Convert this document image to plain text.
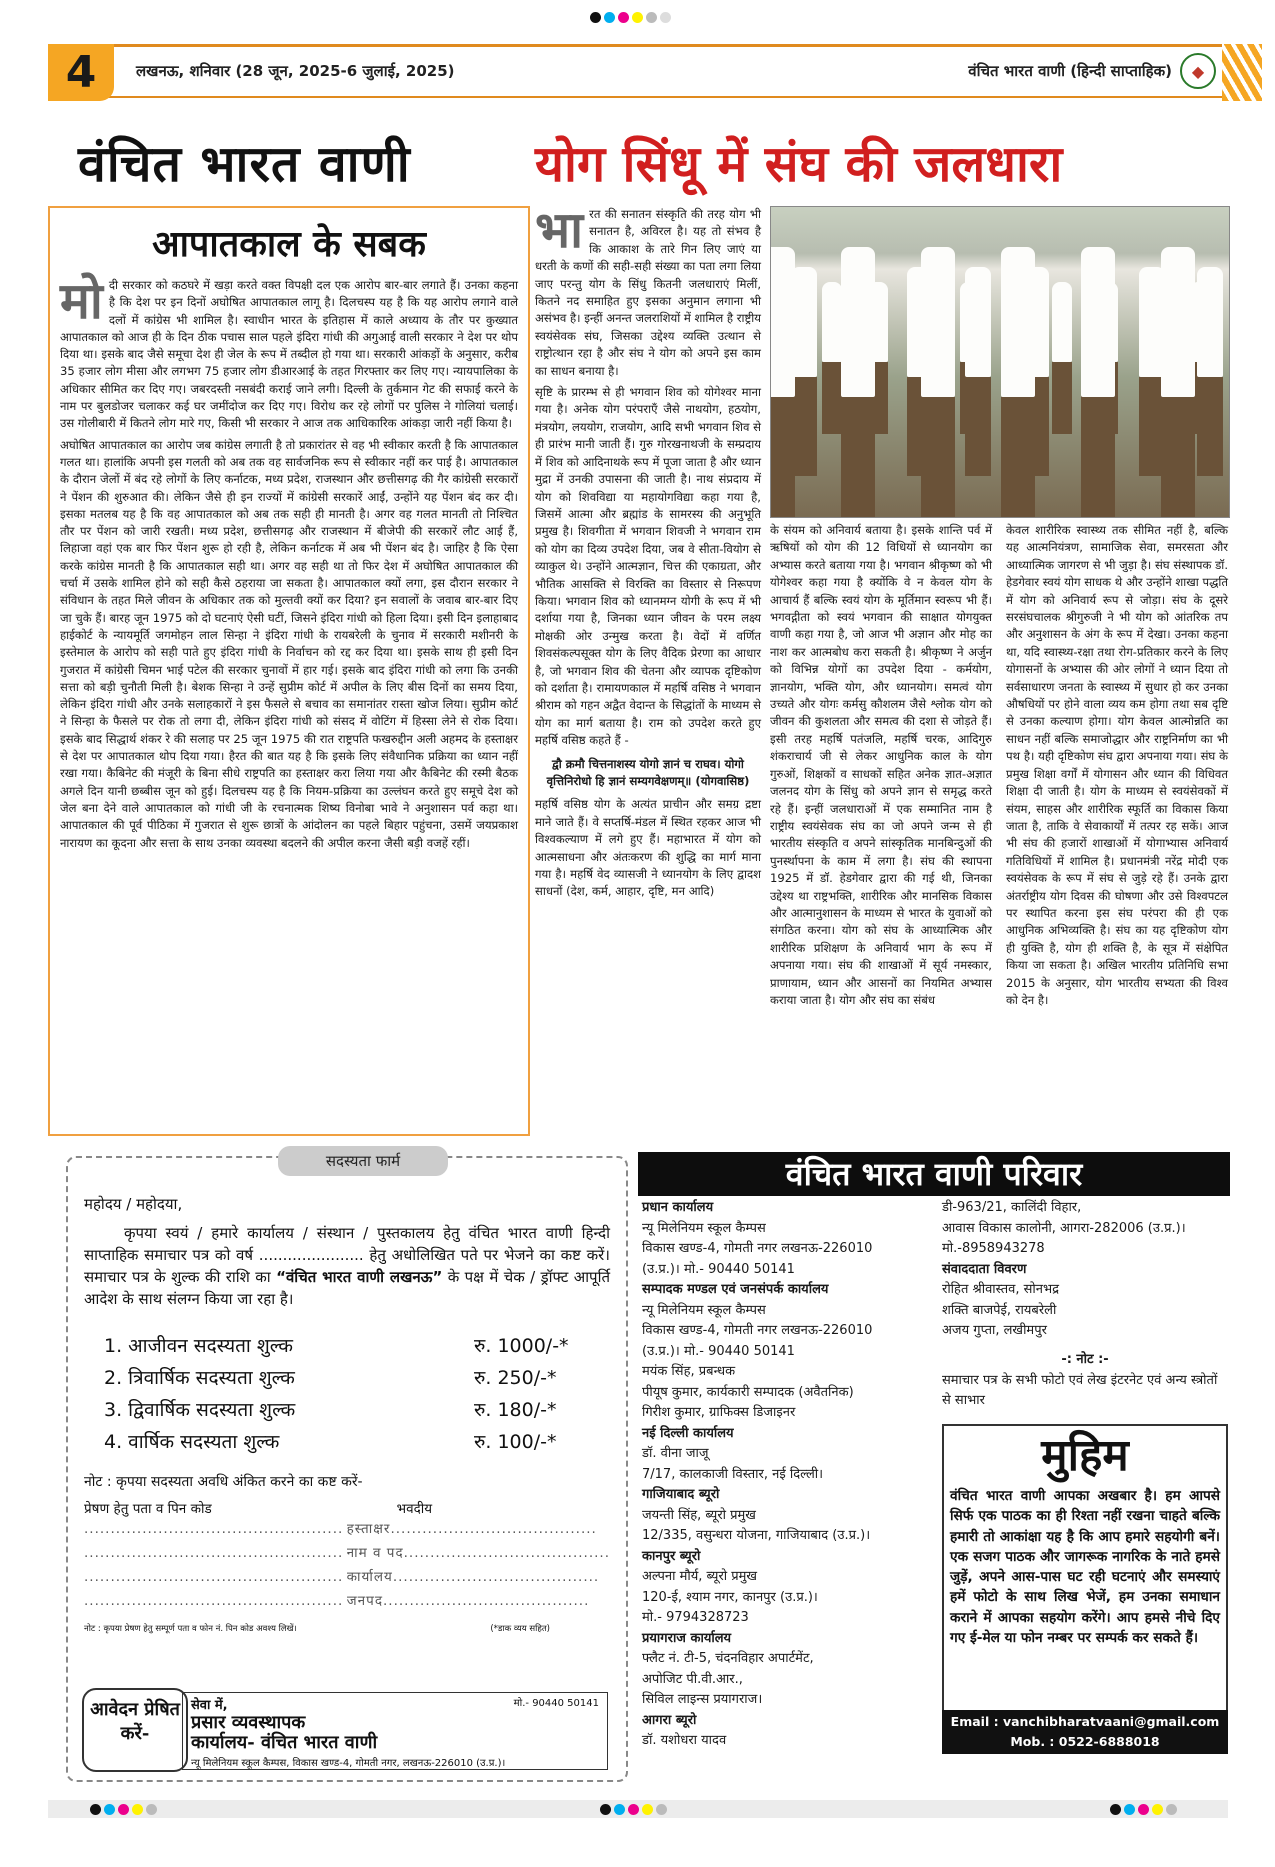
4	लखनऊ, शनिवार (28 जून, 2025-6 जुलाई, 2025)	वंचित भारत वाणी (हिन्दी साप्ताहिक)	◆
वंचित भारत वाणी योग सिंधू में संघ की जलधारा
आपातकाल के सबक
मो दी सरकार को कठघरे में खड़ा करते वक्त विपक्षी दल एक आरोप बार-बार लगाते हैं। उनका कहना है कि देश पर इन दिनों अघोषित आपातकाल लागू है। दिलचस्प यह है कि यह आरोप लगाने वाले दलों में कांग्रेस भी शामिल है। स्वाधीन भारत के इतिहास में काले अध्याय के तौर पर कुख्यात आपातकाल को आज ही के दिन ठीक पचास साल पहले इंदिरा गांधी की अगुआई वाली सरकार ने देश पर थोप दिया था। इसके बाद जैसे समूचा देश ही जेल के रूप में तब्दील हो गया था। सरकारी आंकड़ों के अनुसार, करीब 35 हजार लोग मीसा और लगभग 75 हजार लोग डीआरआई के तहत गिरफ्तार कर लिए गए। न्यायपालिका के अधिकार सीमित कर दिए गए। जबरदस्ती नसबंदी कराई जाने लगी। दिल्ली के तुर्कमान गेट की सफाई करने के नाम पर बुलडोजर चलाकर कई घर जमींदोज कर दिए गए। विरोध कर रहे लोगों पर पुलिस ने गोलियां चलाई। उस गोलीबारी में कितने लोग मारे गए, किसी भी सरकार ने आज तक आधिकारिक आंकड़ा जारी नहीं किया है।
अघोषित आपातकाल का आरोप जब कांग्रेस लगाती है तो प्रकारांतर से वह भी स्वीकार करती है कि आपातकाल गलत था। हालांकि अपनी इस गलती को अब तक वह सार्वजनिक रूप से स्वीकार नहीं कर पाई है। आपातकाल के दौरान जेलों में बंद रहे लोगों के लिए कर्नाटक, मध्य प्रदेश, राजस्थान और छत्तीसगढ़ की गैर कांग्रेसी सरकारों ने पेंशन की शुरुआत की। लेकिन जैसे ही इन राज्यों में कांग्रेसी सरकारें आईं, उन्होंने यह पेंशन बंद कर दी। इसका मतलब यह है कि वह आपातकाल को अब तक सही ही मानती है। अगर वह गलत मानती तो निश्चित तौर पर पेंशन को जारी रखती। मध्य प्रदेश, छत्तीसगढ़ और राजस्थान में बीजेपी की सरकारें लौट आई हैं, लिहाजा वहां एक बार फिर पेंशन शुरू हो रही है, लेकिन कर्नाटक में अब भी पेंशन बंद है। जाहिर है कि ऐसा करके कांग्रेस मानती है कि आपातकाल सही था। अगर वह सही था तो फिर देश में अघोषित आपातकाल की चर्चा में उसके शामिल होने को सही कैसे ठहराया जा सकता है। आपातकाल क्यों लगा, इस दौरान सरकार ने संविधान के तहत मिले जीवन के अधिकार तक को मुल्तवी क्यों कर दिया? इन सवालों के जवाब बार-बार दिए जा चुके हैं। बारह जून 1975 को दो घटनाएं ऐसी घटीं, जिसने इंदिरा गांधी को हिला दिया। इसी दिन इलाहाबाद हाईकोर्ट के न्यायमूर्ति जगमोहन लाल सिन्हा ने इंदिरा गांधी के रायबरेली के चुनाव में सरकारी मशीनरी के इस्तेमाल के आरोप को सही पाते हुए इंदिरा गांधी के निर्वाचन को रद्द कर दिया था। इसके साथ ही इसी दिन गुजरात में कांग्रेसी चिमन भाई पटेल की सरकार चुनावों में हार गई। इसके बाद इंदिरा गांधी को लगा कि उनकी सत्ता को बड़ी चुनौती मिली है। बेशक सिन्हा ने उन्हें सुप्रीम कोर्ट में अपील के लिए बीस दिनों का समय दिया, लेकिन इंदिरा गांधी और उनके सलाहकारों ने इस फैसले से बचाव का समानांतर रास्ता खोज लिया। सुप्रीम कोर्ट ने सिन्हा के फैसले पर रोक तो लगा दी, लेकिन इंदिरा गांधी को संसद में वोटिंग में हिस्सा लेने से रोक दिया। इसके बाद सिद्धार्थ शंकर रे की सलाह पर 25 जून 1975 की रात राष्ट्रपति फखरुद्दीन अली अहमद के हस्ताक्षर से देश पर आपातकाल थोप दिया गया। हैरत की बात यह है कि इसके लिए संवैधानिक प्रक्रिया का ध्यान नहीं रखा गया। कैबिनेट की मंजूरी के बिना सीधे राष्ट्रपति का हस्ताक्षर करा लिया गया और कैबिनेट की रस्मी बैठक अगले दिन यानी छब्बीस जून को हुई। दिलचस्प यह है कि नियम-प्रक्रिया का उल्लंघन करते हुए समूचे देश को जेल बना देने वाले आपातकाल को गांधी जी के रचनात्मक शिष्य विनोबा भावे ने अनुशासन पर्व कहा था। आपातकाल की पूर्व पीठिका में गुजरात से शुरू छात्रों के आंदोलन का पहले बिहार पहुंचना, उसमें जयप्रकाश नारायण का कूदना और सत्ता के साथ उनका व्यवस्था बदलने की अपील करना जैसी बड़ी वजहें रहीं।

भारत की सनातन संस्कृति की तरह योग भी सनातन है, अविरल है। यह तो संभव है कि आकाश के तारे गिन लिए जाएं या धरती के कणों की सही-सही संख्या का पता लगा लिया जाए परन्तु योग के सिंधु कितनी जलधाराएं मिलीं, कितने नद समाहित हुए इसका अनुमान लगाना भी असंभव है। इन्हीं अनन्त जलराशियों में शामिल है राष्ट्रीय स्वयंसेवक संघ, जिसका उद्देश्य व्यक्ति उत्थान से राष्ट्रोत्थान रहा है और संघ ने योग को अपने इस काम का साधन बनाया है।

सृष्टि के प्रारम्भ से ही भगवान शिव को योगेश्वर माना गया है। अनेक योग परंपराएँ जैसे नाथयोग, हठयोग, मंत्रयोग, लययोग, राजयोग, आदि सभी भगवान शिव से ही प्रारंभ मानी जाती हैं। गुरु गोरखनाथजी के सम्प्रदाय में शिव को आदिनाथके रूप में पूजा जाता है और ध्यान मुद्रा में उनकी उपासना की जाती है। नाथ संप्रदाय में योग को शिवविद्या या महायोगविद्या कहा गया है, जिसमें आत्मा और ब्रह्मांड के सामरस्य की अनुभूति प्रमुख है। शिवगीता में भगवान शिवजी ने भगवान राम को योग का दिव्य उपदेश दिया, जब वे सीता-वियोग से व्याकुल थे। उन्होंने आत्मज्ञान, चित्त की एकाग्रता, और भौतिक आसक्ति से विरक्ति का विस्तार से निरूपण किया। भगवान शिव को ध्यानमग्न योगी के रूप में भी दर्शाया गया है, जिनका ध्यान जीवन के परम लक्ष्य मोक्षकी ओर उन्मुख करता है। वेदों में वर्णित शिवसंकल्पसूक्त योग के लिए वैदिक प्रेरणा का आधार है, जो भगवान शिव की चेतना और व्यापक दृष्टिकोण को दर्शाता है। रामायणकाल में महर्षि वसिष्ठ ने भगवान श्रीराम को गहन अद्वैत वेदान्त के सिद्धांतों के माध्यम से योग का मार्ग बताया है। राम को उपदेश करते हुए महर्षि वसिष्ठ कहते हैं -

द्वौ क्रमौ चित्तनाशस्य योगो ज्ञानं च राघव। योगो वृत्तिनिरोधो हि ज्ञानं सम्यगवेक्षणम्॥ (योगवासिष्ठ)

महर्षि वसिष्ठ योग के अत्यंत प्राचीन और समग्र द्रष्टा माने जाते हैं। वे सप्तर्षि-मंडल में स्थित रहकर आज भी विश्वकल्याण में लगे हुए हैं। महाभारत में योग को आत्मसाधना और अंतःकरण की शुद्धि का मार्ग माना गया है। महर्षि वेद व्यासजी ने ध्यानयोग के लिए द्वादश साधनों (देश, कर्म, आहार, दृष्टि, मन आदि)

के संयम को अनिवार्य बताया है। इसके शान्ति पर्व में ऋषियों को योग की 12 विधियों से ध्यानयोग का अभ्यास करते बताया गया है। भगवान श्रीकृष्ण को भी योगेश्वर कहा गया है क्योंकि वे न केवल योग के आचार्य हैं बल्कि स्वयं योग के मूर्तिमान स्वरूप भी हैं। भगवद्गीता को स्वयं भगवान की साक्षात योगयुक्त वाणी कहा गया है, जो आज भी अज्ञान और मोह का नाश कर आत्मबोध करा सकती है। श्रीकृष्ण ने अर्जुन को विभिन्न योगों का उपदेश दिया - कर्मयोग, ज्ञानयोग, भक्ति योग, और ध्यानयोग। समत्वं योग उच्यते और योगः कर्मसु कौशलम जैसे श्लोक योग को जीवन की कुशलता और समत्व की दशा से जोड़ते हैं। इसी तरह महर्षि पतंजलि, महर्षि चरक, आदिगुरु शंकराचार्य जी से लेकर आधुनिक काल के योग गुरुओं, शिक्षकों व साधकों सहित अनेक ज्ञात-अज्ञात जलनद योग के सिंधु को अपने ज्ञान से समृद्ध करते रहे हैं। इन्हीं जलधाराओं में एक सम्मानित नाम है राष्ट्रीय स्वयंसेवक संघ का जो अपने जन्म से ही भारतीय संस्कृति व अपने सांस्कृतिक मानबिन्दुओं की पुनर्स्थापना के काम में लगा है। संघ की स्थापना 1925 में डॉ. हेडगेवार द्वारा की गई थी, जिनका उद्देश्य था राष्ट्रभक्ति, शारीरिक और मानसिक विकास और आत्मानुशासन के माध्यम से भारत के युवाओं को संगठित करना। योग को संघ के आध्यात्मिक और शारीरिक प्रशिक्षण के अनिवार्य भाग के रूप में अपनाया गया। संघ की शाखाओं में सूर्य नमस्कार, प्राणायाम, ध्यान और आसनों का नियमित अभ्यास कराया जाता है। योग और संघ का संबंध
केवल शारीरिक स्वास्थ्य तक सीमित नहीं है, बल्कि यह आत्मनियंत्रण, सामाजिक सेवा, समरसता और आध्यात्मिक जागरण से भी जुड़ा है। संघ संस्थापक डॉ. हेडगेवार स्वयं योग साधक थे और उन्होंने शाखा पद्धति में योग को अनिवार्य रूप से जोड़ा। संघ के दूसरे सरसंघचालक श्रीगुरुजी ने भी योग को आंतरिक तप और अनुशासन के अंग के रूप में देखा। उनका कहना था, यदि स्वास्थ्य-रक्षा तथा रोग-प्रतिकार करने के लिए योगासनों के अभ्यास की ओर लोगों ने ध्यान दिया तो सर्वसाधारण जनता के स्वास्थ्य में सुधार हो कर उनका औषधियों पर होने वाला व्यय कम होगा तथा सब दृष्टि से उनका कल्याण होगा। योग केवल आत्मोन्नति का साधन नहीं बल्कि समाजोद्धार और राष्ट्रनिर्माण का भी पथ है। यही दृष्टिकोण संघ द्वारा अपनाया गया। संघ के प्रमुख शिक्षा वर्गों में योगासन और ध्यान की विधिवत शिक्षा दी जाती है। योग के माध्यम से स्वयंसेवकों में संयम, साहस और शारीरिक स्फूर्ति का विकास किया जाता है, ताकि वे सेवाकार्यों में तत्पर रह सकें। आज भी संघ की हजारों शाखाओं में योगाभ्यास अनिवार्य गतिविधियों में शामिल है। प्रधानमंत्री नरेंद्र मोदी एक स्वयंसेवक के रूप में संघ से जुड़े रहे हैं। उनके द्वारा अंतर्राष्ट्रीय योग दिवस की घोषणा और उसे विश्वपटल पर स्थापित करना इस संघ परंपरा की ही एक आधुनिक अभिव्यक्ति है। संघ का यह दृष्टिकोण योग ही युक्ति है, योग ही शक्ति है, के सूत्र में संक्षेपित किया जा सकता है। अखिल भारतीय प्रतिनिधि सभा 2015 के अनुसार, योग भारतीय सभ्यता की विश्व को देन है।
सदस्यता फार्म
महोदय / महोदया,
कृपया स्वयं / हमारे कार्यालय / संस्थान / पुस्तकालय हेतु वंचित भारत वाणी हिन्दी साप्ताहिक समाचार पत्र को वर्ष ...................... हेतु अधोलिखित पते पर भेजने का कष्ट करें। समाचार पत्र के शुल्क की राशि का “वंचित भारत वाणी लखनऊ” के पक्ष में चेक / ड्रॉफ्ट आपूर्ति आदेश के साथ संलग्न किया जा रहा है।
1. आजीवन सदस्यता शुल्क	रु. 1000/-*
2. त्रिवार्षिक सदस्यता शुल्क	रु. 250/-*
3. द्विवार्षिक सदस्यता शुल्क	रु. 180/-*
4. वार्षिक सदस्यता शुल्क	रु. 100/-*
नोट : कृपया सदस्यता अवधि अंकित करने का कष्ट करें-
प्रेषण हेतु पता व पिन कोड
.................................................
.................................................
.................................................
.................................................
भवदीय
हस्ताक्षर.......................................
नाम व पद.......................................
कार्यालय.......................................
जनपद.......................................
नोट : कृपया प्रेषण हेतु सम्पूर्ण पता व फोन नं. पिन कोड अवश्य लिखें।	(*डाक व्यय सहित)
आवेदन प्रेषित करें-
सेवा में,	मो.- 90440 50141
प्रसार व्यवस्थापक
कार्यालय- वंचित भारत वाणी
न्यू मिलेनियम स्कूल कैम्पस, विकास खण्ड-4, गोमती नगर, लखनऊ-226010 (उ.प्र.)।
वंचित भारत वाणी परिवार
प्रधान कार्यालय
न्यू मिलेनियम स्कूल कैम्पस
विकास खण्ड-4, गोमती नगर लखनऊ-226010
(उ.प्र.)। मो.- 90440 50141
सम्पादक मण्डल एवं जनसंपर्क कार्यालय
न्यू मिलेनियम स्कूल कैम्पस
विकास खण्ड-4, गोमती नगर लखनऊ-226010
(उ.प्र.)। मो.- 90440 50141
मयंक सिंह, प्रबन्धक
पीयूष कुमार, कार्यकारी सम्पादक (अवैतनिक)
गिरीश कुमार, ग्राफिक्स डिजाइनर
नई दिल्ली कार्यालय
डॉ. वीना जाजू
7/17, कालकाजी विस्तार, नई दिल्ली।
गाजियाबाद ब्यूरो
जयन्ती सिंह, ब्यूरो प्रमुख
12/335, वसुन्धरा योजना, गाजियाबाद (उ.प्र.)।
कानपुर ब्यूरो
अल्पना मौर्य, ब्यूरो प्रमुख
120-ई, श्याम नगर, कानपुर (उ.प्र.)।
मो.- 9794328723
प्रयागराज कार्यालय
फ्लैट नं. टी-5, चंदनविहार अपार्टमेंट,
अपोजिट पी.वी.आर.,
सिविल लाइन्स प्रयागराज।
आगरा ब्यूरो
डॉ. यशोधरा यादव
डी-963/21, कालिंदी विहार,
आवास विकास कालोनी, आगरा-282006 (उ.प्र.)।
मो.-8958943278
संवाददाता विवरण
रोहित श्रीवास्तव, सोनभद्र
शक्ति बाजपेई, रायबरेली
अजय गुप्ता, लखीमपुर
-: नोट :-
समाचार पत्र के सभी फोटो एवं लेख इंटरनेट एवं अन्य स्त्रोतों से साभार
मुहिम
वंचित भारत वाणी आपका अखबार है। हम आपसे सिर्फ एक पाठक का ही रिश्ता नहीं रखना चाहते बल्कि हमारी तो आकांक्षा यह है कि आप हमारे सहयोगी बनें। एक सजग पाठक और जागरूक नागरिक के नाते हमसे जुड़ें, अपने आस-पास घट रही घटनाएं और समस्याएं हमें फोटो के साथ लिख भेजें, हम उनका समाधान कराने में आपका सहयोग करेंगे। आप हमसे नीचे दिए गए ई-मेल या फोन नम्बर पर सम्पर्क कर सकते हैं।
Email : vanchibharatvaani@gmail.com
Mob. : 0522-6888018
